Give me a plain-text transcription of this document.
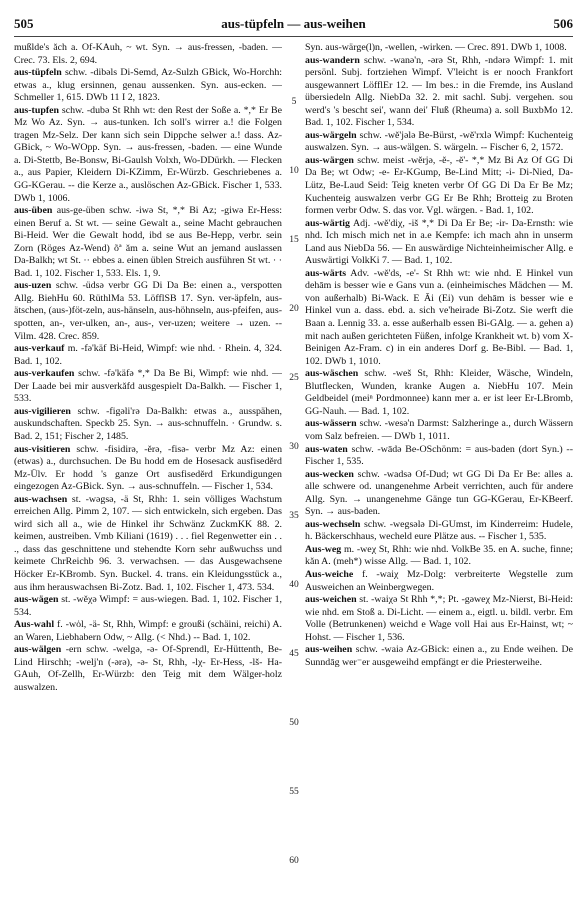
505	aus-tüpfeln — aus-weihen	506

mußlde's ăch a. Of-KAuh, ~ wt. Syn. → aus-fressen, -baden. — Crec. 73. Els. 2, 694.

aus-tüpfeln schw. -dibəls Di-Semd, Az-Sulzh GBick, Wo-Horchh: etwas a., klug ersinnen, genau aussenken. Syn. aus-ecken. — Schmeller 1, 615. DWb 11 I 2, 1823.

aus-tupfen schw. -dubə St Rhh wt: den Rest der Soße a. *,* Er Be Mz Wo Az. Syn. → aus-tunken. Ich soll's wirrer a.! die Folgen tragen Mz-Selz. Der kann sich sein Dippche selwer a.! dass. Az-GBick, ~ Wo-WOpp. Syn. → aus-fressen, -baden. — eine Wunde a. Di-Stettb, Be-Bonsw, Bi-Gaulsh Volxh, Wo-DDürkh. — Flecken a., aus Papier, Kleidern Di-KZimm, Er-Würzb. Geschriebenes a. GG-KGerau. -- die Kerze a., auslöschen Az-GBick. Fischer 1, 533. DWb 1, 1006.

aus-üben aus-ge-üben schw. -iwə St, *,* Bi Az; -giwə Er-Hess: einen Beruf a. St wt. — seine Gewalt a., seine Macht gebrauchen Bi-Heid. Wer die Gewalt hodd, ibd se aus Be-Hepp, verbr. sein Zorn (Röges Az-Wend) õª ăm a. seine Wut an jemand auslassen Da-Balkh; wt St. ·· ebbes a. einen üblen Streich ausführen St wt. · · Bad. 1, 102. Fischer 1, 533. Els. 1, 9.

aus-uzen schw. -üdsə verbr GG Di Da Be: einen a., verspotten Allg. BiehHu 60. RüthlMa 53. LöfflSB 17. Syn. ver-äpfeln, aus-ätschen, (aus-)föt-zeln, aus-hänseln, aus-höhnseln, aus-pfeifen, aus-spotten, an-, ver-ulken, an-, aus-, ver-uzen; weitere → uzen. -- Vilm. 428. Crec. 859.

aus-verkauf m. -fə'käf Bi-Heid, Wimpf: wie nhd. · Rhein. 4, 324. Bad. 1, 102.

aus-verkaufen schw. -fə'käfə *,* Da Be Bi, Wimpf: wie nhd. — Der Laade bei mir ausverkăfd ausgespielt Da-Balkh. — Fischer 1, 533.

aus-vigilieren schw. -figəli'rə Da-Balkh: etwas a., ausspähen, auskundschaften. Speckb 25. Syn. → aus-schnuffeln. · Grundw. s. Bad. 2, 151; Fischer 2, 1485.

aus-visitieren schw. -fisidirə, -ĕrə, -fisə- verbr Mz Az: einen (etwas) a., durchsuchen. De Bu hodd em de Hosesack ausfisedĕrd Mz-Ülv. Er hodd 's ganze Ort ausfisedĕrd Erkundigungen eingezogen Az-GBick. Syn. → aus-schnuffeln. — Fischer 1, 534.

aus-wachsen st. -wəgsə, -ä St, Rhh: 1. sein völliges Wachstum erreichen Allg. Pimm 2, 107. — sich entwickeln, sich ergeben. Das wird sich all a., wie de Hinkel ihr Schwänz ZuckmKK 88. 2. keimen, austreiben. Vmb Kiliani (1619) . . . fiel Regenwetter ein . . ., dass das geschnittene und stehendte Korn sehr außwuchss und keimete ChrReichb 96. 3. verwachsen. — das Ausgewachsene Höcker Er-KBromb. Syn. Buckel. 4. trans. ein Kleidungsstück a., aus ihm herauswachsen Bi-Zotz. Bad. 1, 102. Fischer 1, 473. 534.

aus-wägen st. -wĕχə Wimpf: = aus-wiegen. Bad. 1, 102. Fischer 1, 534.

Aus-wahl f. -wȯl, -ä- St, Rhh, Wimpf: e groußi (schäini, reichi) A. an Waren, Liebhabern Odw, ~ Allg. (< Nhd.) -- Bad. 1, 102.

aus-wälgen -ern schw. -welgə, -ə- Of-Sprendl, Er-Hüttenth, Be-Lind Hirschh; -welj'n (-ərə), -ə- St, Rhh, -lχ- Er-Hess, -lš- Ha-GAuh, Of-Zellh, Er-Würzb: den Teig mit dem Wälger-holz auswalzen.

Syn. aus-wärge(l)n, -wellen, -wirken. — Crec. 891. DWb 1, 1008.

aus-wandern schw. -wanə'n, -ərə St, Rhh, -ndərə Wimpf: 1. mit persönl. Subj. fortziehen Wimpf. V'leicht is er nooch Frankfort ausgewannert LöfflEr 12. — Im bes.: in die Fremde, ins Ausland übersiedeln Allg. NiebDa 32. 2. mit sachl. Subj. vergehen. sou werd's 's bescht sei', wann dei' Fluß (Rheuma) a. soll BuxbMo 12. Bad. 1, 102. Fischer 1, 534.

aus-wärgeln schw. -wĕ'jələ Be-Bürst, -wĕ'rxlə Wimpf: Kuchenteig auswalzen. Syn. → aus-wälgen. S. wärgeln. -- Fischer 6, 2, 1572.

aus-wärgen schw. meist -wĕrjə, -ĕ-, -ĕ'- *,* Mz Bi Az Of GG Di Da Be; wt Odw; -e- Er-KGump, Be-Lind Mitt; -i- Di-Nied, Da-Lütz, Be-Laud Seid: Teig kneten verbr Of GG Di Da Er Be Mz; Kuchenteig auswalzen verbr GG Er Be Rhh; Brotteig zu Broten formen verbr Odw. S. das vor. Vgl. wärgen. - Bad. 1, 102.

aus-wärtig Adj. -wĕ'diχ, -iš *,* Di Da Er Be; -ir- Da-Ernsth: wie nhd. Ich misch mich net in a.e Kempfe: ich mach ahn in unserm Land aus NiebDa 56. — En auswärdige Nichteinheimischer Allg. e Auswärtigi VolkKi 7. — Bad. 1, 102.

aus-wärts Adv. -wĕ'ds, -e'- St Rhh wt: wie nhd. E Hinkel vun dehām is besser wie e Gans vun a. (einheimisches Mädchen — M. von außerhalb) Bi-Wack. E Āi (Ei) vun dehām is besser wie e Hinkel vun a. dass. ebd. a. sich ve'heirade Bi-Zotz. Sie werft die Baan a. Lennig 33. a. esse außerhalb essen Bi-GAlg. — a. gehen a) mit nach außen gerichteten Füßen, infolge Krankheit wt. b) vom X-Beinigen Az-Fram. c) in ein anderes Dorf g. Be-Bibl. — Bad. 1, 102. DWb 1, 1010.

aus-wäschen schw. -weš St, Rhh: Kleider, Wäsche, Windeln, Blutflecken, Wunden, kranke Augen a. NiebHu 107. Mein Geldbeidel (meiⁿ Pordmonnee) kann mer a. er ist leer Er-LBromb, GG-Nauh. — Bad. 1, 102.

aus-wässern schw. -wesə'n Darmst: Salzheringe a., durch Wässern vom Salz befreien. — DWb 1, 1011.

aus-waten schw. -wādə Be-OSchönm: = aus-baden (dort Syn.) -- Fischer 1, 535.

aus-wecken schw. -wadsə Of-Dud; wt GG Di Da Er Be: alles a. alle schwere od. unangenehme Arbeit verrichten, auch für andere Allg. Syn. → unangenehme Gänge tun GG-KGerau, Er-KBeerf. Syn. → aus-baden.

aus-wechseln schw. -wegsələ Di-GUmst, im Kinderreim: Hudele, h. Bäckerschhaus, wecheld eure Plätze aus. -- Fischer 1, 535.

Aus-weg m. -weχ St, Rhh: wie nhd. VolkBe 35. en A. suche, finne; kăn A. (meh*) wisse Allg. — Bad. 1, 102.

Aus-weiche f. -waiχ Mz-Dolg: verbreiterte Wegstelle zum Ausweichen an Weinbergwegen.

aus-weichen st. -waiχə St Rhh *,*; Pt. -gəweχ Mz-Nierst, Bi-Heid: wie nhd. em Stoß a. Di-Licht. — einem a., eigtl. u. bildl. verbr. Em Volle (Betrunkenen) weichd e Wage voll Hai aus Er-Hainst, wt; ~ Hohst. — Fischer 1, 536.

aus-weihen schw. -waiə Az-GBick: einen a., zu Ende weihen. De Sunndāg wer⁻er ausgeweihd empfängt er die Priesterweihe.

5
10
15
20
25
30
35
40
45
50
55
60
